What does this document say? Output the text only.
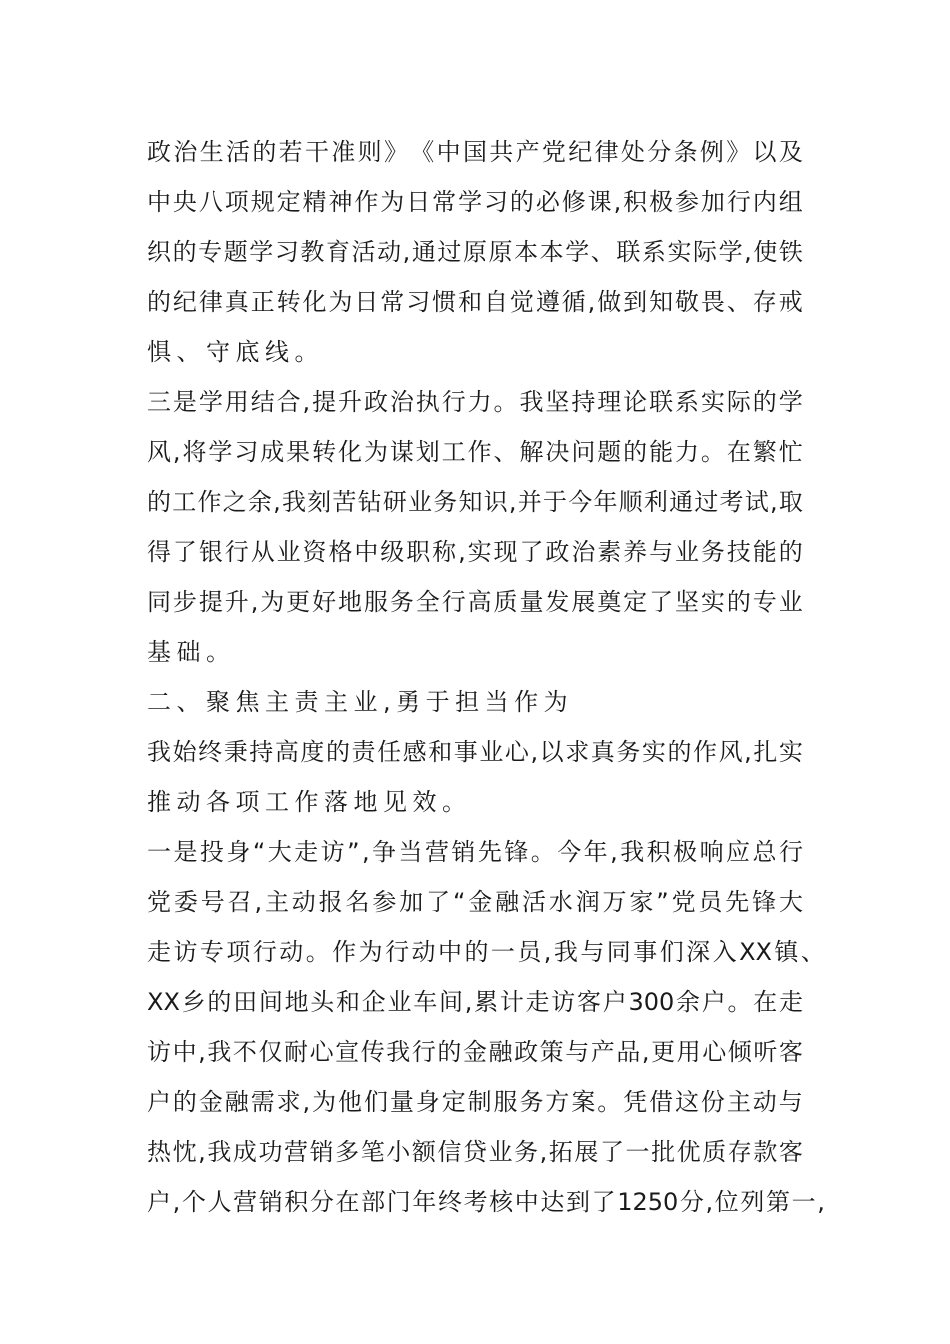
政 治 生 活 的 若 干 准 则 》 《 中 国 共 产 党 纪 律 处 分 条 例 》 以 及
中 央 八 项 规 定 精 神 作 为 日 常 学 习 的 必 修 课 , 积 极 参 加 行 内 组
织 的 专 题 学 习 教 育 活 动 , 通 过 原 原 本 本 学 、 联 系 实 际 学 , 使 铁
的 纪 律 真 正 转 化 为 日 常 习 惯 和 自 觉 遵 循 , 做 到 知 敬 畏 、 存 戒
惧、守底线。
三 是 学 用 结 合 , 提 升 政 治 执 行 力 。 我 坚 持 理 论 联 系 实 际 的 学
风 , 将 学 习 成 果 转 化 为 谋 划 工 作 、 解 决 问 题 的 能 力 。 在 繁 忙
的 工 作 之 余 , 我 刻 苦 钻 研 业 务 知 识 , 并 于 今 年 顺 利 通 过 考 试 , 取
得 了 银 行 从 业 资 格 中 级 职 称 , 实 现 了 政 治 素 养 与 业 务 技 能 的
同 步 提 升 , 为 更 好 地 服 务 全 行 高 质 量 发 展 奠 定 了 坚 实 的 专 业
基础。
二、聚焦主责主业,勇于担当作为
我 始 终 秉 持 高 度 的 责 任 感 和 事 业 心 , 以 求 真 务 实 的 作 风 , 扎 实
推动各项工作落地见效。
一 是 投 身 “ 大 走 访 ” , 争 当 营 销 先 锋 。 今 年 , 我 积 极 响 应 总 行
党 委 号 召 , 主 动 报 名 参 加 了 “ 金 融 活 水 润 万 家 ” 党 员 先 锋 大
走 访 专 项 行 动 。 作 为 行 动 中 的 一 员 , 我 与 同 事 们 深 入 XX 镇 、
XX 乡 的 田 间 地 头 和 企 业 车 间 , 累 计 走 访 客 户 300 余 户 。 在 走
访 中 , 我 不 仅 耐 心 宣 传 我 行 的 金 融 政 策 与 产 品 , 更 用 心 倾 听 客
户 的 金 融 需 求 , 为 他 们 量 身 定 制 服 务 方 案 。 凭 借 这 份 主 动 与
热 忱 , 我 成 功 营 销 多 笔 小 额 信 贷 业 务 , 拓 展 了 一 批 优 质 存 款 客
户 , 个 人 营 销 积 分 在 部 门 年 终 考 核 中 达 到 了 1250 分 , 位 列 第 一 ,
